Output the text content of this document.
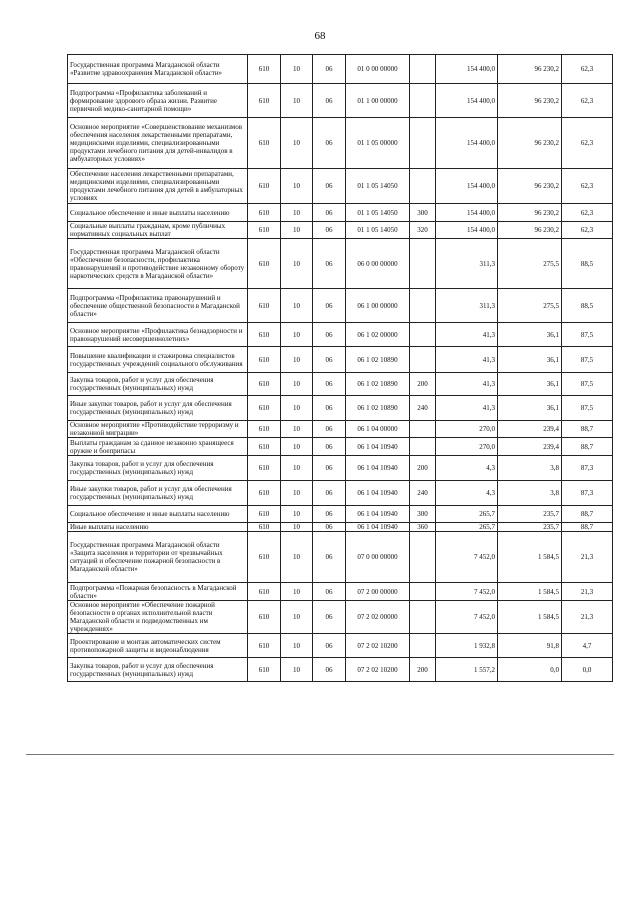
68
Государственная программа Магаданской области «Развитие здравоохранения Магаданской области»	610	10	06	01 0 00 00000		154 400,0	96 230,2	62,3
Подпрограмма «Профилактика заболеваний и формирование здорового образа жизни. Развитие первичной медико-санитарной помощи»	610	10	06	01 1 00 00000		154 400,0	96 230,2	62,3
Основное мероприятие «Совершенствование механизмов обеспечения населения лекарственными препаратами, медицинскими изделиями, специализированными продуктами лечебного питания для детей-инвалидов в амбулаторных условиях»	610	10	06	01 1 05 00000		154 400,0	96 230,2	62,3
Обеспечение населения лекарственными препаратами, медицинскими изделиями, специализированными продуктами лечебного питания для детей в амбулаторных условиях	610	10	06	01 1 05 14050		154 400,0	96 230,2	62,3
Социальное обеспечение и иные выплаты населению	610	10	06	01 1 05 14050	300	154 400,0	96 230,2	62,3
Социальные выплаты гражданам, кроме публичных нормативных социальных выплат	610	10	06	01 1 05 14050	320	154 400,0	96 230,2	62,3
Государственная программа Магаданской области «Обеспечение безопасности, профилактика правонарушений и противодействие незаконному обороту наркотических средств в Магаданской области»	610	10	06	06 0 00 00000		311,3	275,5	88,5
Подпрограмма «Профилактика правонарушений и обеспечение общественной безопасности в Магаданской области»	610	10	06	06 1 00 00000		311,3	275,5	88,5
Основное мероприятие «Профилактика безнадзорности и правонарушений несовершеннолетних»	610	10	06	06 1 02 00000		41,3	36,1	87,5
Повышение квалификации и стажировка специалистов государственных учреждений социального обслуживания	610	10	06	06 1 02 10890		41,3	36,1	87,5
Закупка товаров, работ и услуг для обеспечения государственных (муниципальных) нужд	610	10	06	06 1 02 10890	200	41,3	36,1	87,5
Иные закупки товаров, работ и услуг для обеспечения государственных (муниципальных) нужд	610	10	06	06 1 02 10890	240	41,3	36,1	87,5
Основное мероприятие «Противодействие терроризму и незаконной миграции»	610	10	06	06 1 04 00000		270,0	239,4	88,7
Выплаты гражданам за сданное незаконно хранящееся оружие и боеприпасы	610	10	06	06 1 04 10940		270,0	239,4	88,7
Закупка товаров, работ и услуг для обеспечения государственных (муниципальных) нужд	610	10	06	06 1 04 10940	200	4,3	3,8	87,3
Иные закупки товаров, работ и услуг для обеспечения государственных (муниципальных) нужд	610	10	06	06 1 04 10940	240	4,3	3,8	87,3
Социальное обеспечение и иные выплаты населению	610	10	06	06 1 04 10940	300	265,7	235,7	88,7
Иные выплаты населению	610	10	06	06 1 04 10940	360	265,7	235,7	88,7
Государственная программа Магаданской области «Защита населения и территории от чрезвычайных ситуаций и обеспечение пожарной безопасности в Магаданской области»	610	10	06	07 0 00 00000		7 452,0	1 584,5	21,3
Подпрограмма «Пожарная безопасность в Магаданской области»	610	10	06	07 2 00 00000		7 452,0	1 584,5	21,3
Основное мероприятие «Обеспечение пожарной безопасности в органах исполнительной власти Магаданской области и подведомственных им учреждениях»	610	10	06	07 2 02 00000		7 452,0	1 584,5	21,3
Проектирование и монтаж автоматических систем противопожарной защиты и видеонаблюдения	610	10	06	07 2 02 10200		1 932,8	91,8	4,7
Закупка товаров, работ и услуг для обеспечения государственных (муниципальных) нужд	610	10	06	07 2 02 10200	200	1 557,2	0,0	0,0
